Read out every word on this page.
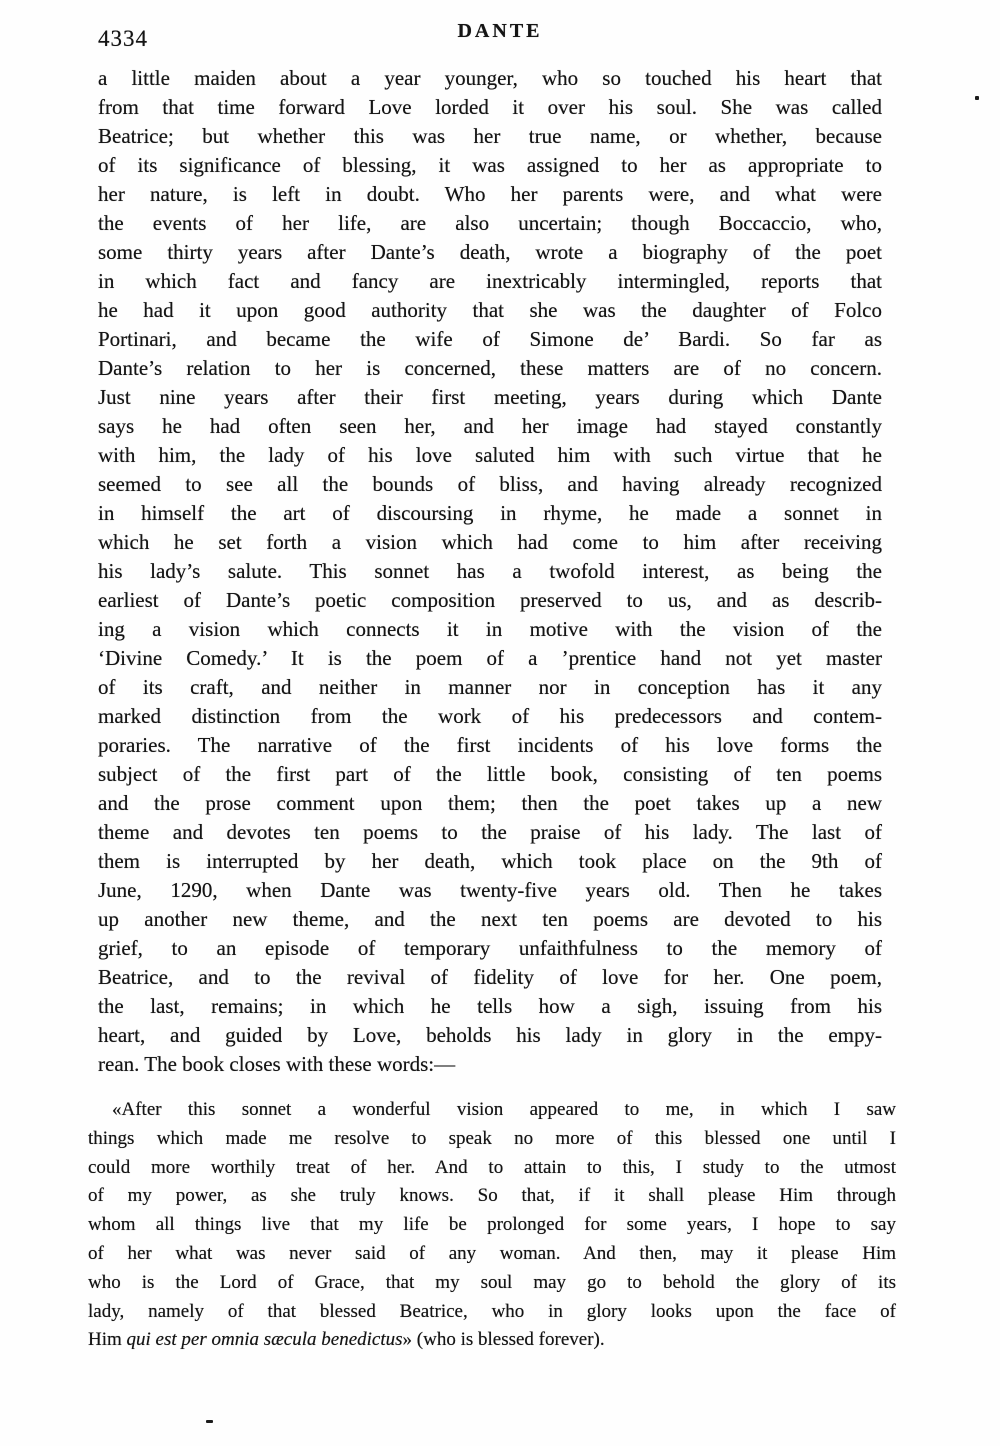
4334	DANTE
a little maiden about a year younger, who so touched his heart that
from that time forward Love lorded it over his soul. She was called
Beatrice; but whether this was her true name, or whether, because
of its significance of blessing, it was assigned to her as appropriate to
her nature, is left in doubt. Who her parents were, and what were
the events of her life, are also uncertain; though Boccaccio, who,
some thirty years after Dante’s death, wrote a biography of the poet
in which fact and fancy are inextricably intermingled, reports that
he had it upon good authority that she was the daughter of Folco
Portinari, and became the wife of Simone de’ Bardi. So far as
Dante’s relation to her is concerned, these matters are of no concern.
Just nine years after their first meeting, years during which Dante
says he had often seen her, and her image had stayed constantly
with him, the lady of his love saluted him with such virtue that he
seemed to see all the bounds of bliss, and having already recognized
in himself the art of discoursing in rhyme, he made a sonnet in
which he set forth a vision which had come to him after receiving
his lady’s salute. This sonnet has a twofold interest, as being the
earliest of Dante’s poetic composition preserved to us, and as describ-
ing a vision which connects it in motive with the vision of the
‘Divine Comedy.’ It is the poem of a ’prentice hand not yet master
of its craft, and neither in manner nor in conception has it any
marked distinction from the work of his predecessors and contem-
poraries. The narrative of the first incidents of his love forms the
subject of the first part of the little book, consisting of ten poems
and the prose comment upon them; then the poet takes up a new
theme and devotes ten poems to the praise of his lady. The last of
them is interrupted by her death, which took place on the 9th of
June, 1290, when Dante was twenty-five years old. Then he takes
up another new theme, and the next ten poems are devoted to his
grief, to an episode of temporary unfaithfulness to the memory of
Beatrice, and to the revival of fidelity of love for her. One poem,
the last, remains; in which he tells how a sigh, issuing from his
heart, and guided by Love, beholds his lady in glory in the empy-
rean. The book closes with these words:—
«After this sonnet a wonderful vision appeared to me, in which I saw
things which made me resolve to speak no more of this blessed one until I
could more worthily treat of her. And to attain to this, I study to the utmost
of my power, as she truly knows. So that, if it shall please Him through
whom all things live that my life be prolonged for some years, I hope to say
of her what was never said of any woman. And then, may it please Him
who is the Lord of Grace, that my soul may go to behold the glory of its
lady, namely of that blessed Beatrice, who in glory looks upon the face of
Him qui est per omnia sæcula benedictus» (who is blessed forever).
